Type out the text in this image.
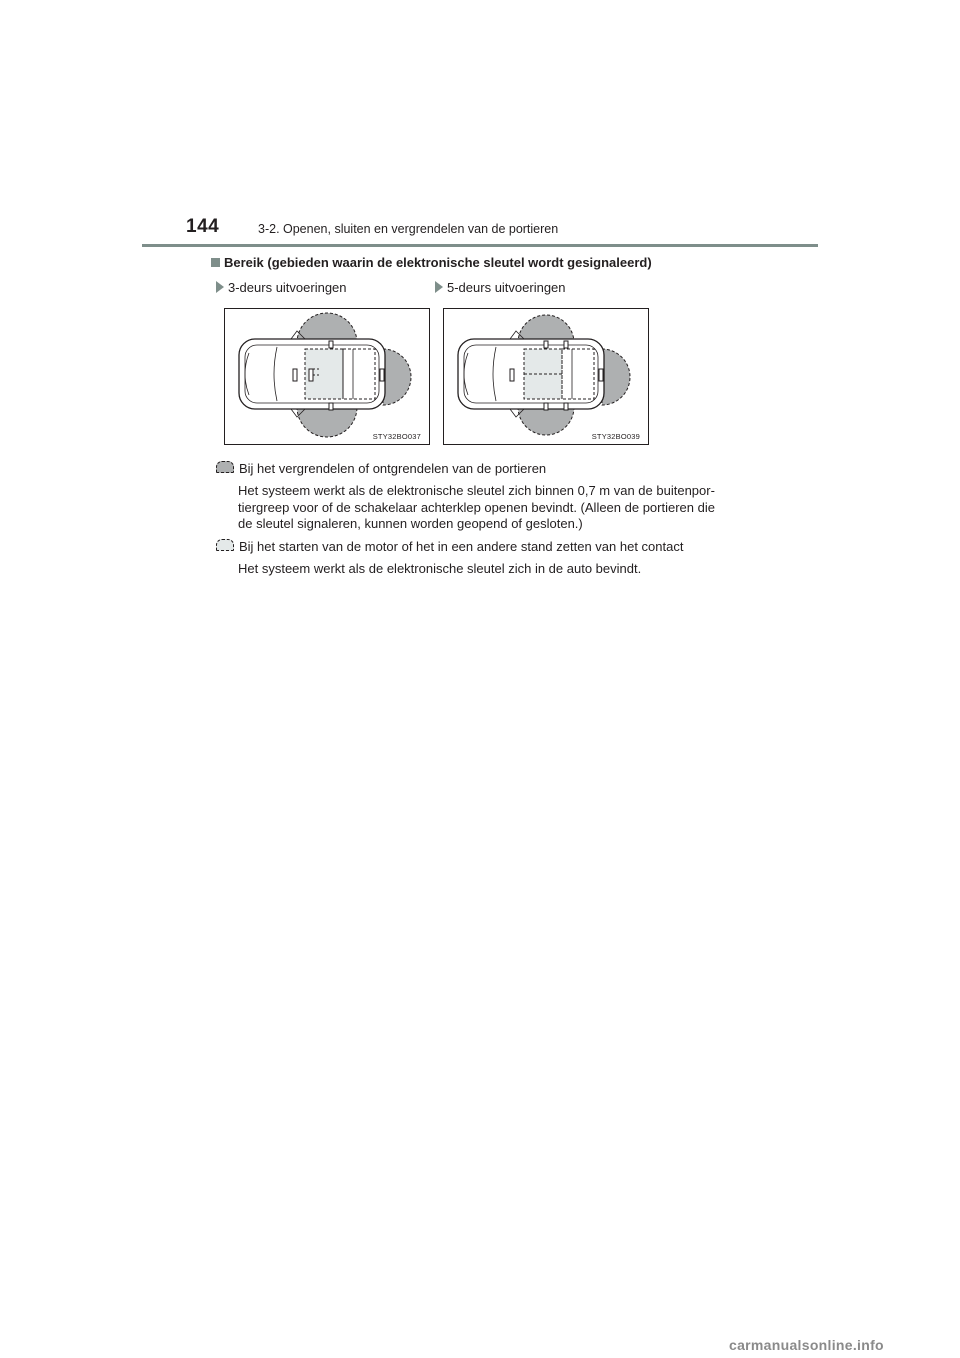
144	3-2. Openen, sluiten en vergrendelen van de portieren
Bereik (gebieden waarin de elektronische sleutel wordt gesignaleerd)
3-deurs uitvoeringen
STY32BO037
5-deurs uitvoeringen
STY32BO039
Bij het vergrendelen of ontgrendelen van de portieren
Het systeem werkt als de elektronische sleutel zich binnen 0,7 m van de buitenpor-
tiergreep voor of de schakelaar achterklep openen bevindt. (Alleen de portieren die
de sleutel signaleren, kunnen worden geopend of gesloten.)
Bij het starten van de motor of het in een andere stand zetten van het contact
Het systeem werkt als de elektronische sleutel zich in de auto bevindt.
carmanualsonline.info
